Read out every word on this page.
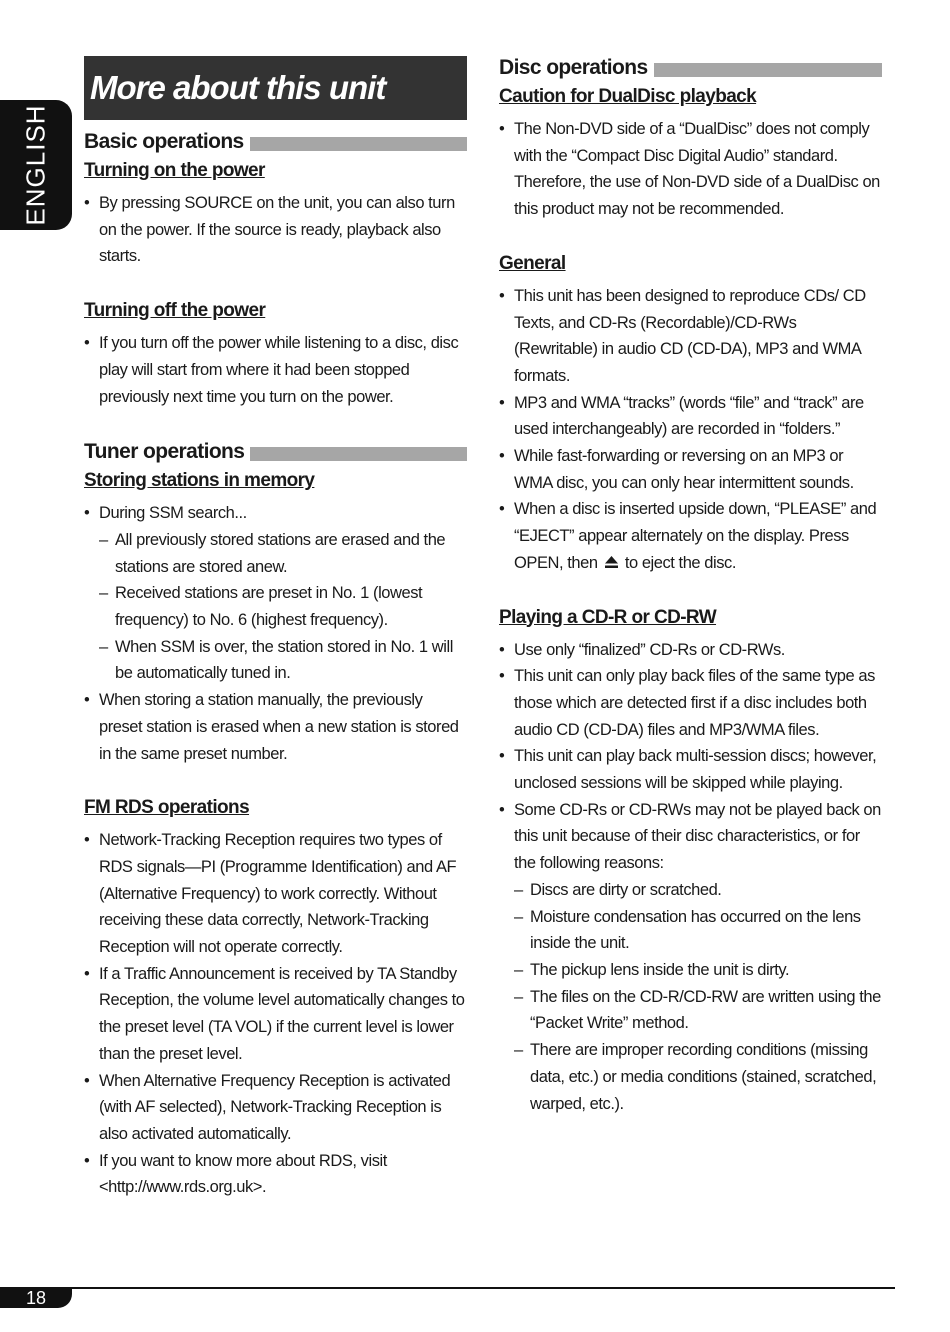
ENGLISH
More about this unit
Basic operations
Turning on the power
• By pressing SOURCE on the unit, you can also turn on the power. If the source is ready, playback also starts.
Turning off the power
• If you turn off the power while listening to a disc, disc play will start from where it had been stopped previously next time you turn on the power.
Tuner operations
Storing stations in memory
• During SSM search...
– All previously stored stations are erased and the stations are stored anew.
– Received stations are preset in No. 1 (lowest frequency) to No. 6 (highest frequency).
– When SSM is over, the station stored in No. 1 will be automatically tuned in.
• When storing a station manually, the previously preset station is erased when a new station is stored in the same preset number.
FM RDS operations
• Network-Tracking Reception requires two types of RDS signals—PI (Programme Identification) and AF (Alternative Frequency) to work correctly. Without receiving these data correctly, Network-Tracking Reception will not operate correctly.
• If a Traffic Announcement is received by TA Standby Reception, the volume level automatically changes to the preset level (TA VOL) if the current level is lower than the preset level.
• When Alternative Frequency Reception is activated (with AF selected), Network-Tracking Reception is also activated automatically.
• If you want to know more about RDS, visit <http://www.rds.org.uk>.
Disc operations
Caution for DualDisc playback
• The Non-DVD side of a “DualDisc” does not comply with the “Compact Disc Digital Audio” standard. Therefore, the use of Non-DVD side of a DualDisc on this product may not be recommended.
General
• This unit has been designed to reproduce CDs/ CD Texts, and CD-Rs (Recordable)/CD-RWs (Rewritable) in audio CD (CD-DA), MP3 and WMA formats.
• MP3 and WMA “tracks” (words “file” and “track” are used interchangeably) are recorded in “folders.”
• While fast-forwarding or reversing on an MP3 or WMA disc, you can only hear intermittent sounds.
• When a disc is inserted upside down, “PLEASE” and “EJECT” appear alternately on the display. Press OPEN, then to eject the disc.
Playing a CD-R or CD-RW
• Use only “finalized” CD-Rs or CD-RWs.
• This unit can only play back files of the same type as those which are detected first if a disc includes both audio CD (CD-DA) files and MP3/WMA files.
• This unit can play back multi-session discs; however, unclosed sessions will be skipped while playing.
• Some CD-Rs or CD-RWs may not be played back on this unit because of their disc characteristics, or for the following reasons:
– Discs are dirty or scratched.
– Moisture condensation has occurred on the lens inside the unit.
– The pickup lens inside the unit is dirty.
– The files on the CD-R/CD-RW are written using the “Packet Write” method.
– There are improper recording conditions (missing data, etc.) or media conditions (stained, scratched, warped, etc.).
18
